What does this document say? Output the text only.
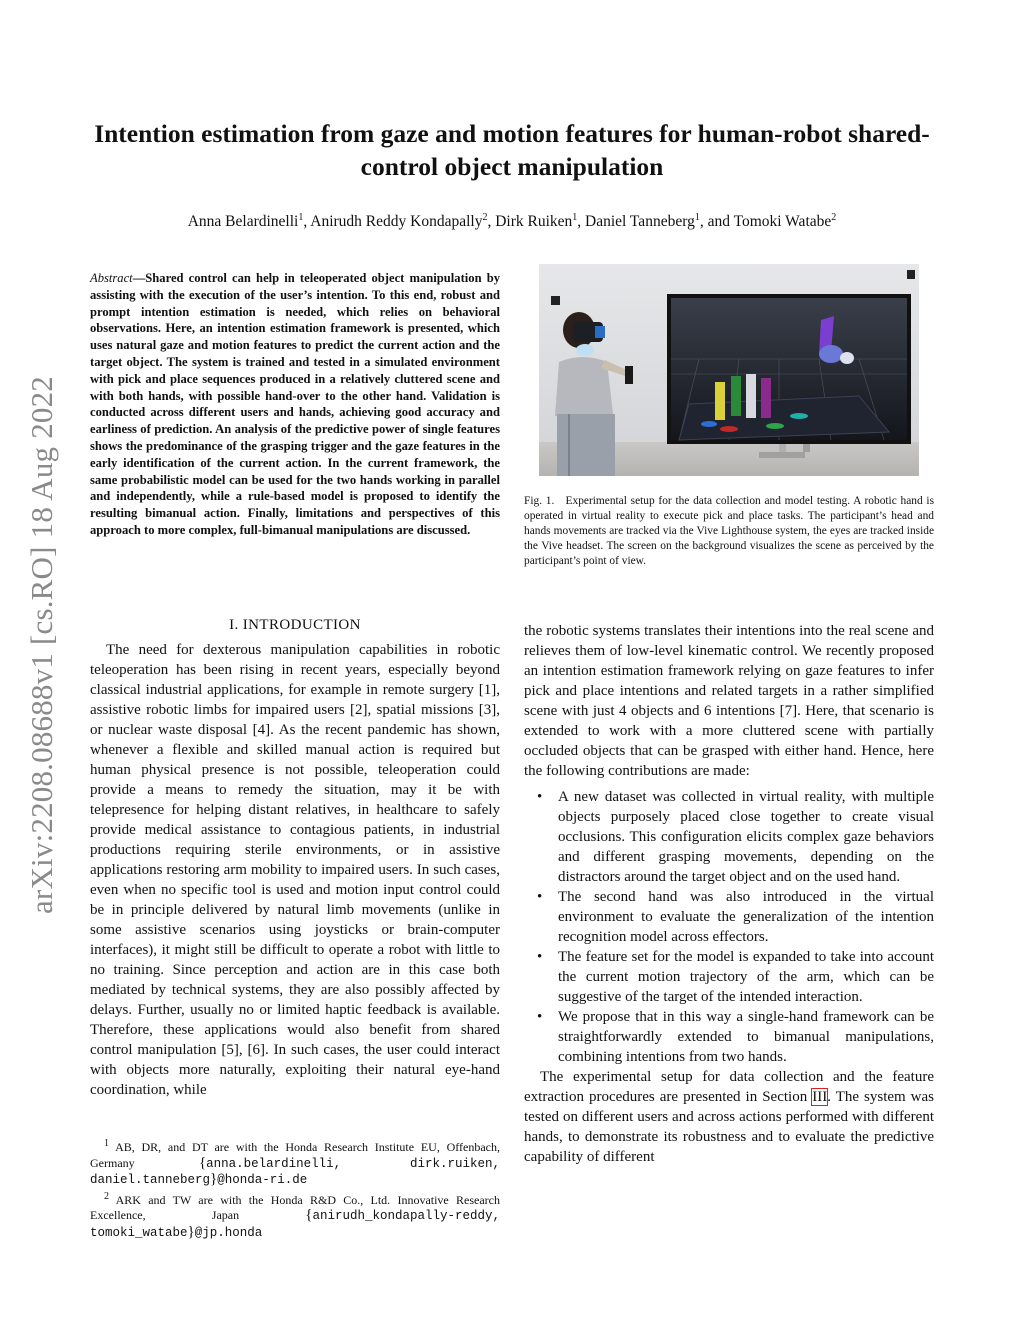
Intention estimation from gaze and motion features for human-robot shared-control object manipulation
Anna Belardinelli$^1$, Anirudh Reddy Kondapally$^2$, Dirk Ruiken$^1$, Daniel Tanneberg$^1$, and Tomoki Watabe$^2$
arXiv:2208.08688v1 [cs.RO] 18 Aug 2022
Abstract—Shared control can help in teleoperated object manipulation by assisting with the execution of the user’s intention. To this end, robust and prompt intention estimation is needed, which relies on behavioral observations. Here, an intention estimation framework is presented, which uses natural gaze and motion features to predict the current action and the target object. The system is trained and tested in a simulated environment with pick and place sequences produced in a relatively cluttered scene and with both hands, with possible hand-over to the other hand. Validation is conducted across different users and hands, achieving good accuracy and earliness of prediction. An analysis of the predictive power of single features shows the predominance of the grasping trigger and the gaze features in the early identification of the current action. In the current framework, the same probabilistic model can be used for the two hands working in parallel and independently, while a rule-based model is proposed to identify the resulting bimanual action. Finally, limitations and perspectives of this approach to more complex, full-bimanual manipulations are discussed.
I. INTRODUCTION

The need for dexterous manipulation capabilities in robotic teleoperation has been rising in recent years, especially beyond classical industrial applications, for example in remote surgery [1], assistive robotic limbs for impaired users [2], spatial missions [3], or nuclear waste disposal [4]. As the recent pandemic has shown, whenever a flexible and skilled manual action is required but human physical presence is not possible, teleoperation could provide a means to remedy the situation, may it be with telepresence for helping distant relatives, in healthcare to safely provide medical assistance to contagious patients, in industrial productions requiring sterile environments, or in assistive applications restoring arm mobility to impaired users. In such cases, even when no specific tool is used and motion input control could be in principle delivered by natural limb movements (unlike in some assistive scenarios using joysticks or brain-computer interfaces), it might still be difficult to operate a robot with little to no training. Since perception and action are in this case both mediated by technical systems, they are also possibly affected by delays. Further, usually no or limited haptic feedback is available. Therefore, these applications would also benefit from shared control manipulation [5], [6]. In such cases, the user could interact with objects more naturally, exploiting their natural eye-hand coordination, while

$^1$ AB, DR, and DT are with the Honda Research Institute EU, Offenbach, Germany {anna.belardinelli, dirk.ruiken, daniel.tanneberg}@honda-ri.de

$^2$ ARK and TW are with the Honda R&D Co., Ltd. Innovative Research Excellence, Japan {anirudh_kondapally-reddy, tomoki_watabe}@jp.honda

Fig. 1. Experimental setup for the data collection and model testing. A robotic hand is operated in virtual reality to execute pick and place tasks. The participant’s head and hands movements are tracked via the Vive Lighthouse system, the eyes are tracked inside the Vive headset. The screen on the background visualizes the scene as perceived by the participant’s point of view.

the robotic systems translates their intentions into the real scene and relieves them of low-level kinematic control. We recently proposed an intention estimation framework relying on gaze features to infer pick and place intentions and related targets in a rather simplified scene with just 4 objects and 6 intentions [7]. Here, that scenario is extended to work with a more cluttered scene with partially occluded objects that can be grasped with either hand. Hence, here the following contributions are made:

• A new dataset was collected in virtual reality, with multiple objects purposely placed close together to create visual occlusions. This configuration elicits complex gaze behaviors and different grasping movements, depending on the distractors around the target object and on the used hand.
• The second hand was also introduced in the virtual environment to evaluate the generalization of the intention recognition model across effectors.
• The feature set for the model is expanded to take into account the current motion trajectory of the arm, which can be suggestive of the target of the intended interaction.
• We propose that in this way a single-hand framework can be straightforwardly extended to bimanual manipulations, combining intentions from two hands.

The experimental setup for data collection and the feature extraction procedures are presented in Section III. The system was tested on different users and across actions performed with different hands, to demonstrate its robustness and to evaluate the predictive capability of different
